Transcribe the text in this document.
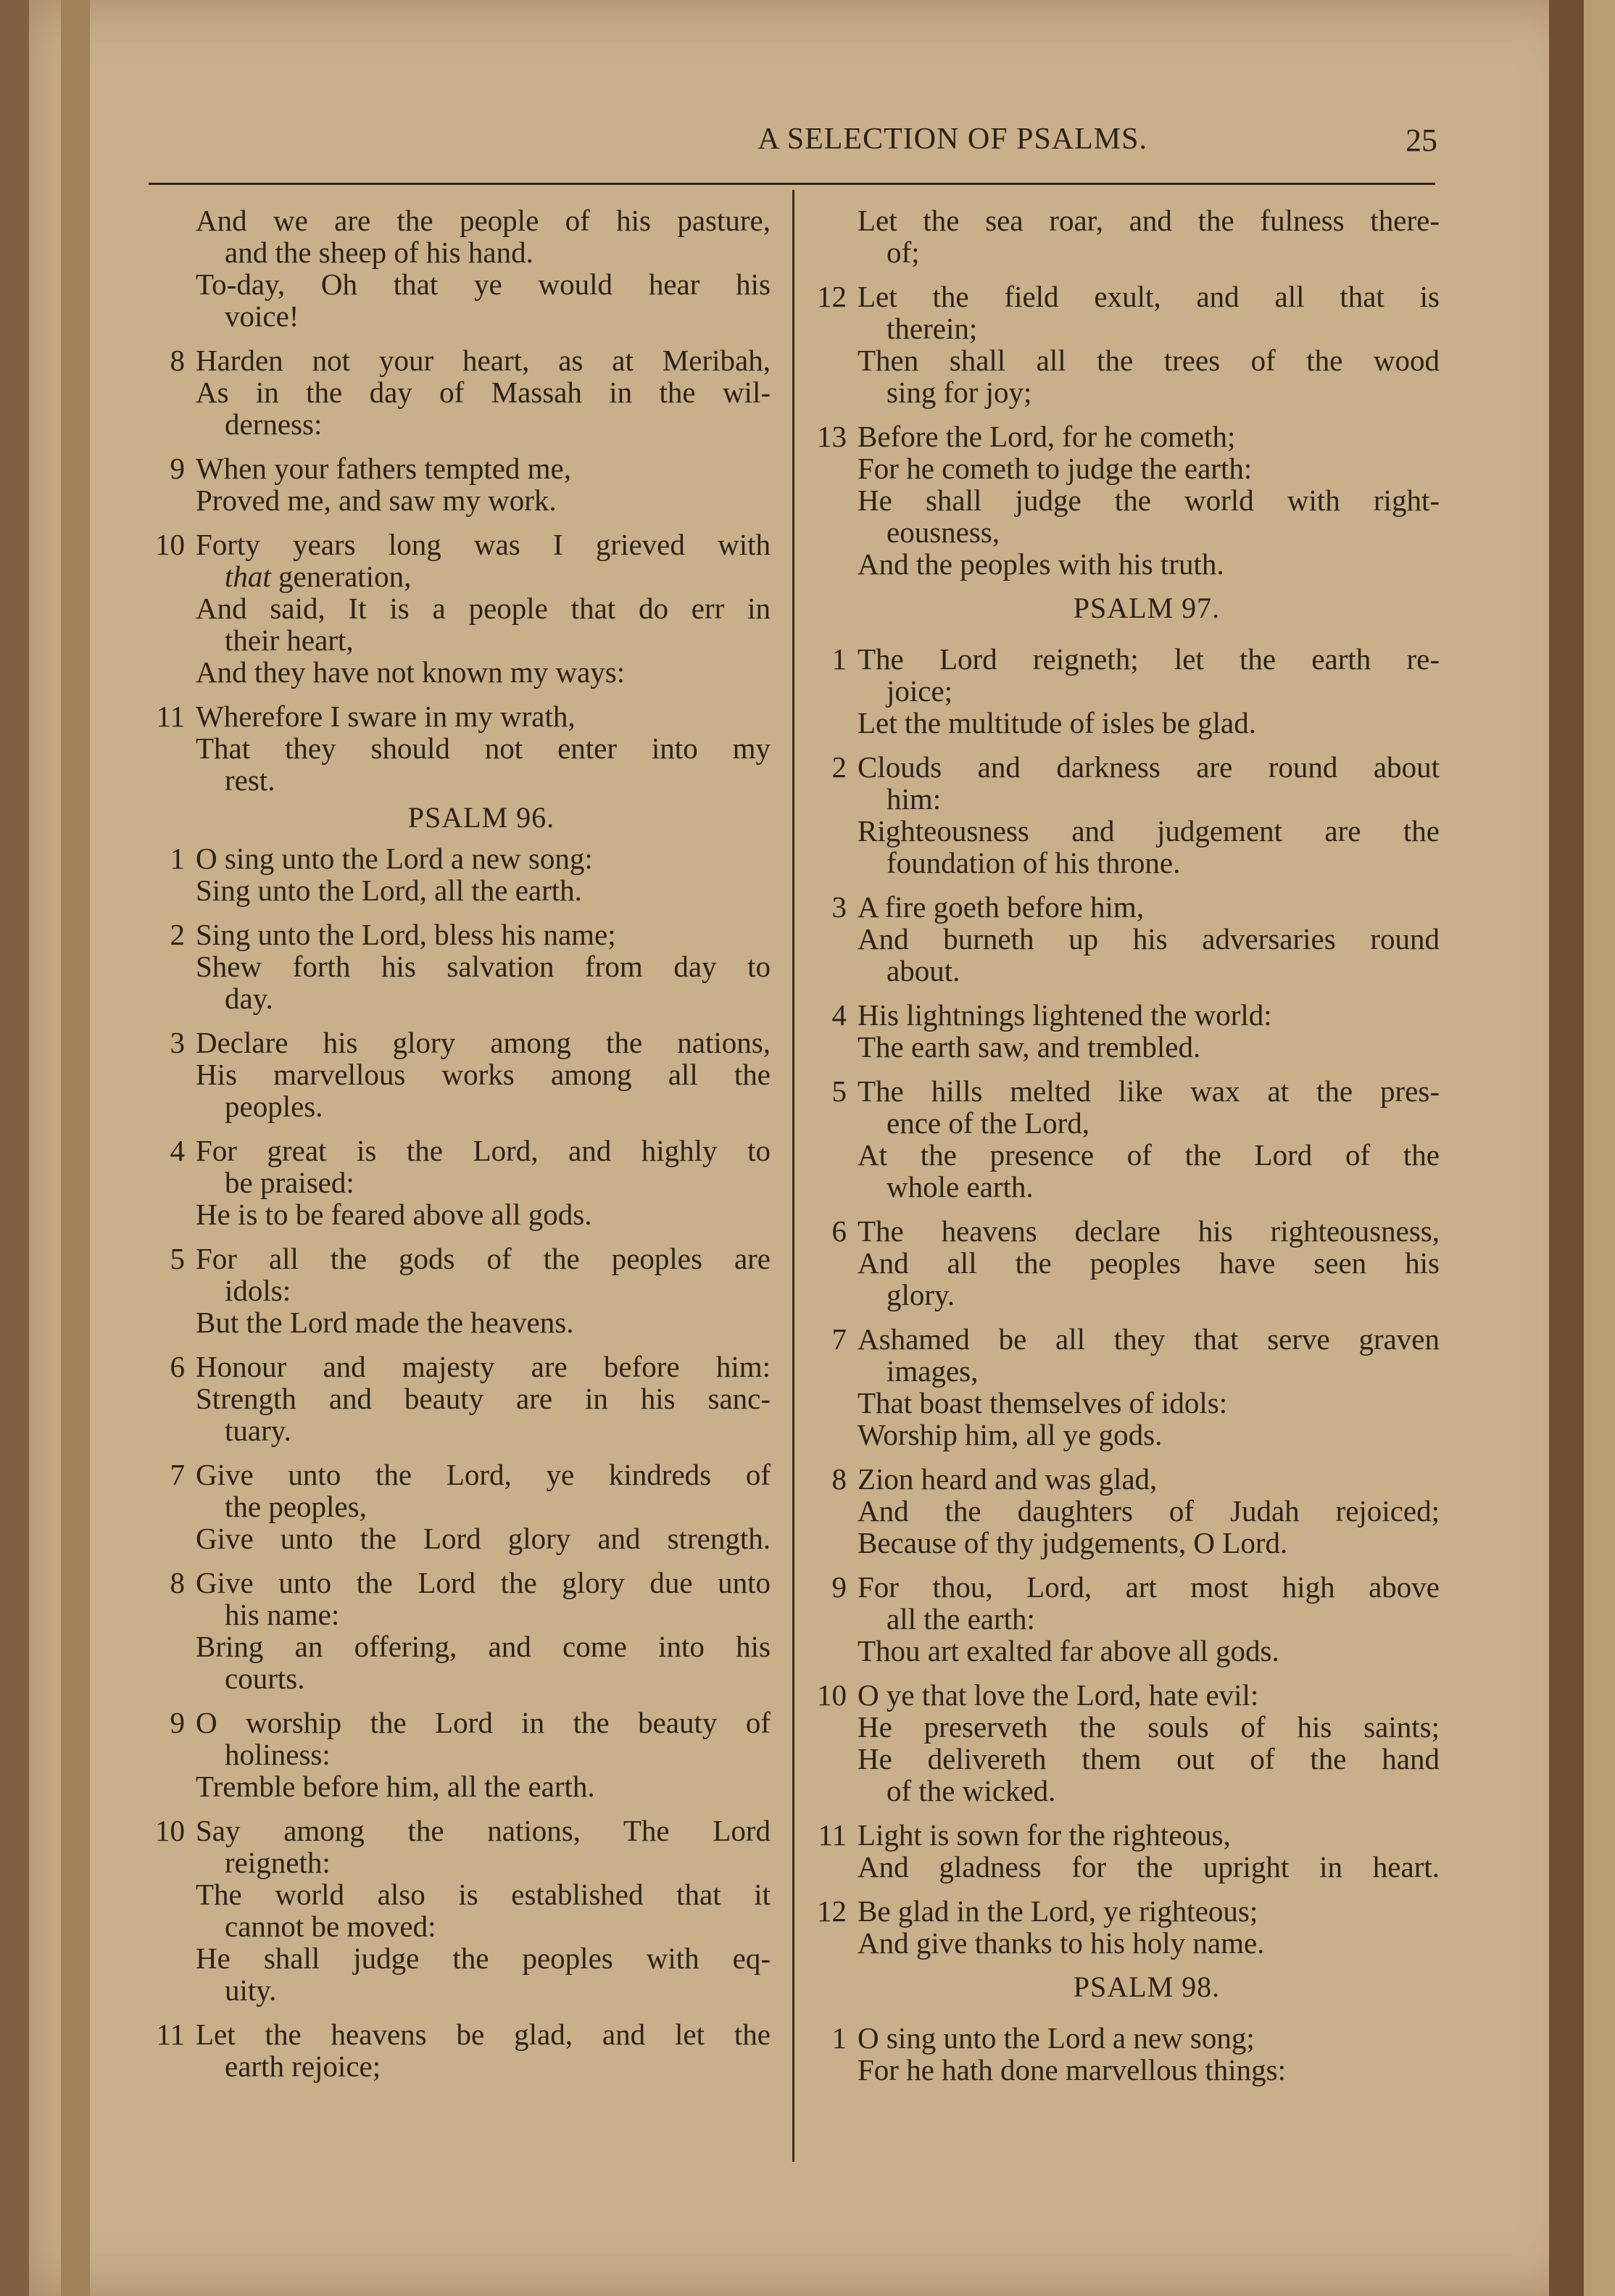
A SELECTION OF PSALMS.	25
And we are the people of his pasture,
and the sheep of his hand.
To-day, Oh that ye would hear his
voice!
8 Harden not your heart, as at Meribah,
As in the day of Massah in the wil-
derness:
9 When your fathers tempted me,
Proved me, and saw my work.
10 Forty years long was I grieved with
that generation,
And said, It is a people that do err in
their heart,
And they have not known my ways:
11 Wherefore I sware in my wrath,
That they should not enter into my
rest.
PSALM 96.
1 O sing unto the Lord a new song:
Sing unto the Lord, all the earth.
2 Sing unto the Lord, bless his name;
Shew forth his salvation from day to
day.
3 Declare his glory among the nations,
His marvellous works among all the
peoples.
4 For great is the Lord, and highly to
be praised:
He is to be feared above all gods.
5 For all the gods of the peoples are
idols:
But the Lord made the heavens.
6 Honour and majesty are before him:
Strength and beauty are in his sanc-
tuary.
7 Give unto the Lord, ye kindreds of
the peoples,
Give unto the Lord glory and strength.
8 Give unto the Lord the glory due unto
his name:
Bring an offering, and come into his
courts.
9 O worship the Lord in the beauty of
holiness:
Tremble before him, all the earth.
10 Say among the nations, The Lord
reigneth:
The world also is established that it
cannot be moved:
He shall judge the peoples with eq-
uity.
11 Let the heavens be glad, and let the
earth rejoice;
Let the sea roar, and the fulness there-
of;
12 Let the field exult, and all that is
therein;
Then shall all the trees of the wood
sing for joy;
13 Before the Lord, for he cometh;
For he cometh to judge the earth:
He shall judge the world with right-
eousness,
And the peoples with his truth.
PSALM 97.
1 The Lord reigneth; let the earth re-
joice;
Let the multitude of isles be glad.
2 Clouds and darkness are round about
him:
Righteousness and judgement are the
foundation of his throne.
3 A fire goeth before him,
And burneth up his adversaries round
about.
4 His lightnings lightened the world:
The earth saw, and trembled.
5 The hills melted like wax at the pres-
ence of the Lord,
At the presence of the Lord of the
whole earth.
6 The heavens declare his righteousness,
And all the peoples have seen his
glory.
7 Ashamed be all they that serve graven
images,
That boast themselves of idols:
Worship him, all ye gods.
8 Zion heard and was glad,
And the daughters of Judah rejoiced;
Because of thy judgements, O Lord.
9 For thou, Lord, art most high above
all the earth:
Thou art exalted far above all gods.
10 O ye that love the Lord, hate evil:
He preserveth the souls of his saints;
He delivereth them out of the hand
of the wicked.
11 Light is sown for the righteous,
And gladness for the upright in heart.
12 Be glad in the Lord, ye righteous;
And give thanks to his holy name.
PSALM 98.
1 O sing unto the Lord a new song;
For he hath done marvellous things:
